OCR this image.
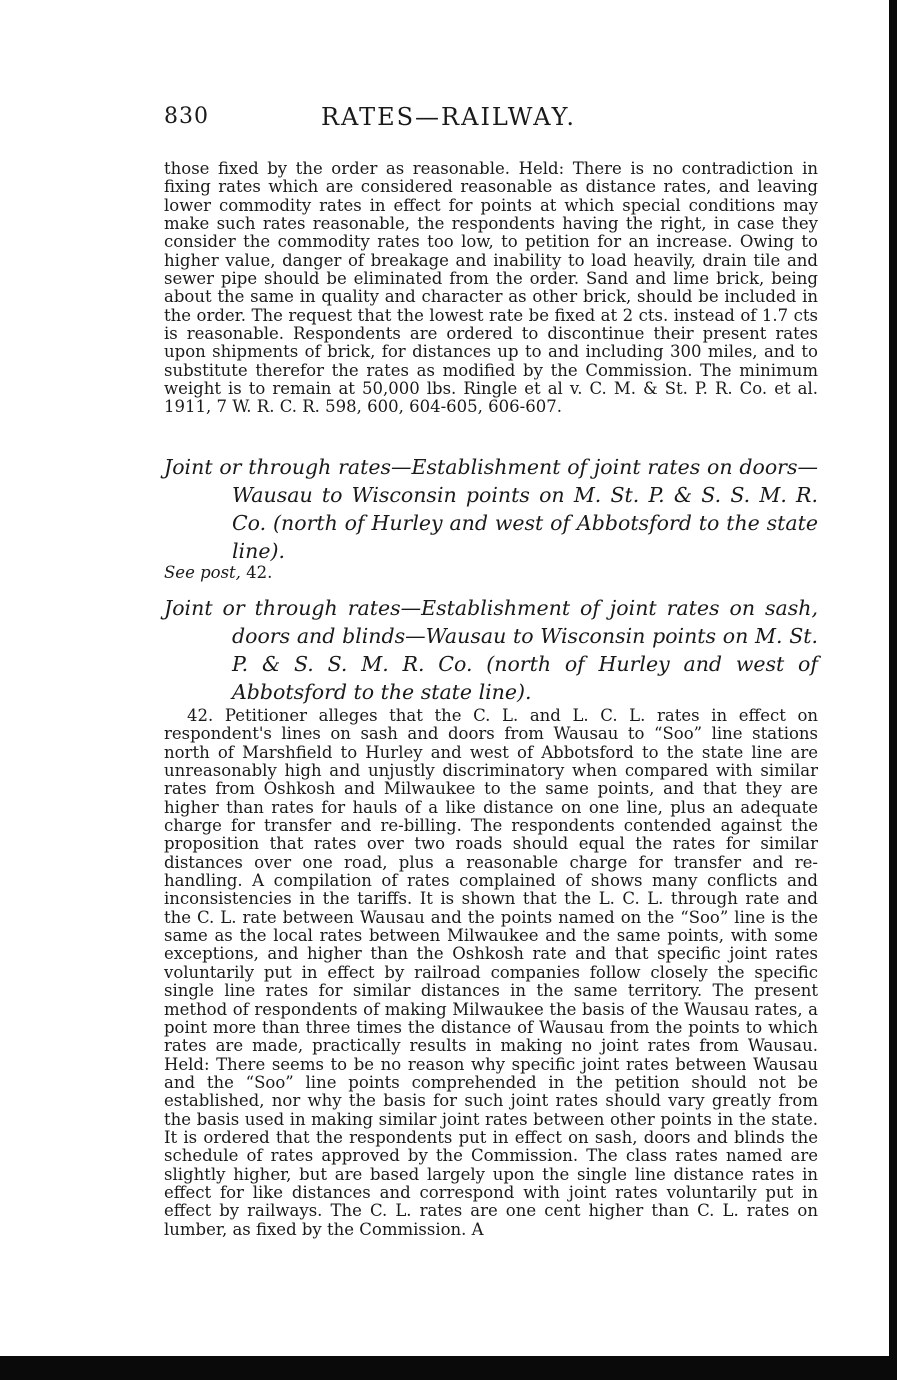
830	RATES—RAILWAY.
those fixed by the order as reasonable. Held: There is no contradiction in fixing rates which are considered reasonable as distance rates, and leaving lower commodity rates in effect for points at which special conditions may make such rates reasonable, the respondents having the right, in case they consider the commodity rates too low, to petition for an increase. Owing to higher value, danger of breakage and inability to load heavily, drain tile and sewer pipe should be eliminated from the order. Sand and lime brick, being about the same in quality and character as other brick, should be included in the order. The request that the lowest rate be fixed at 2 cts. instead of 1.7 cts is reasonable. Respondents are ordered to discontinue their present rates upon shipments of brick, for distances up to and including 300 miles, and to substitute therefor the rates as modified by the Commission. The minimum weight is to remain at 50,000 lbs. Ringle et al v. C. M. & St. P. R. Co. et al. 1911, 7 W. R. C. R. 598, 600, 604-605, 606-607.
Joint or through rates—Establishment of joint rates on doors—Wausau to Wisconsin points on M. St. P. & S. S. M. R. Co. (north of Hurley and west of Abbotsford to the state line).
See post, 42.
Joint or through rates—Establishment of joint rates on sash, doors and blinds—Wausau to Wisconsin points on M. St. P. & S. S. M. R. Co. (north of Hurley and west of Abbotsford to the state line).
42. Petitioner alleges that the C. L. and L. C. L. rates in effect on respondent's lines on sash and doors from Wausau to “Soo” line stations north of Marshfield to Hurley and west of Abbotsford to the state line are unreasonably high and unjustly discriminatory when compared with similar rates from Oshkosh and Milwaukee to the same points, and that they are higher than rates for hauls of a like distance on one line, plus an adequate charge for transfer and re-billing. The respondents contended against the proposition that rates over two roads should equal the rates for similar distances over one road, plus a reasonable charge for transfer and re-handling. A compilation of rates complained of shows many conflicts and inconsistencies in the tariffs. It is shown that the L. C. L. through rate and the C. L. rate between Wausau and the points named on the “Soo” line is the same as the local rates between Milwaukee and the same points, with some exceptions, and higher than the Oshkosh rate and that specific joint rates voluntarily put in effect by railroad companies follow closely the specific single line rates for similar distances in the same territory. The present method of respondents of making Milwaukee the basis of the Wausau rates, a point more than three times the distance of Wausau from the points to which rates are made, practically results in making no joint rates from Wausau. Held: There seems to be no reason why specific joint rates between Wausau and the “Soo” line points comprehended in the petition should not be established, nor why the basis for such joint rates should vary greatly from the basis used in making similar joint rates between other points in the state. It is ordered that the respondents put in effect on sash, doors and blinds the schedule of rates approved by the Commission. The class rates named are slightly higher, but are based largely upon the single line distance rates in effect for like distances and correspond with joint rates voluntarily put in effect by railways. The C. L. rates are one cent higher than C. L. rates on lumber, as fixed by the Commission. A
